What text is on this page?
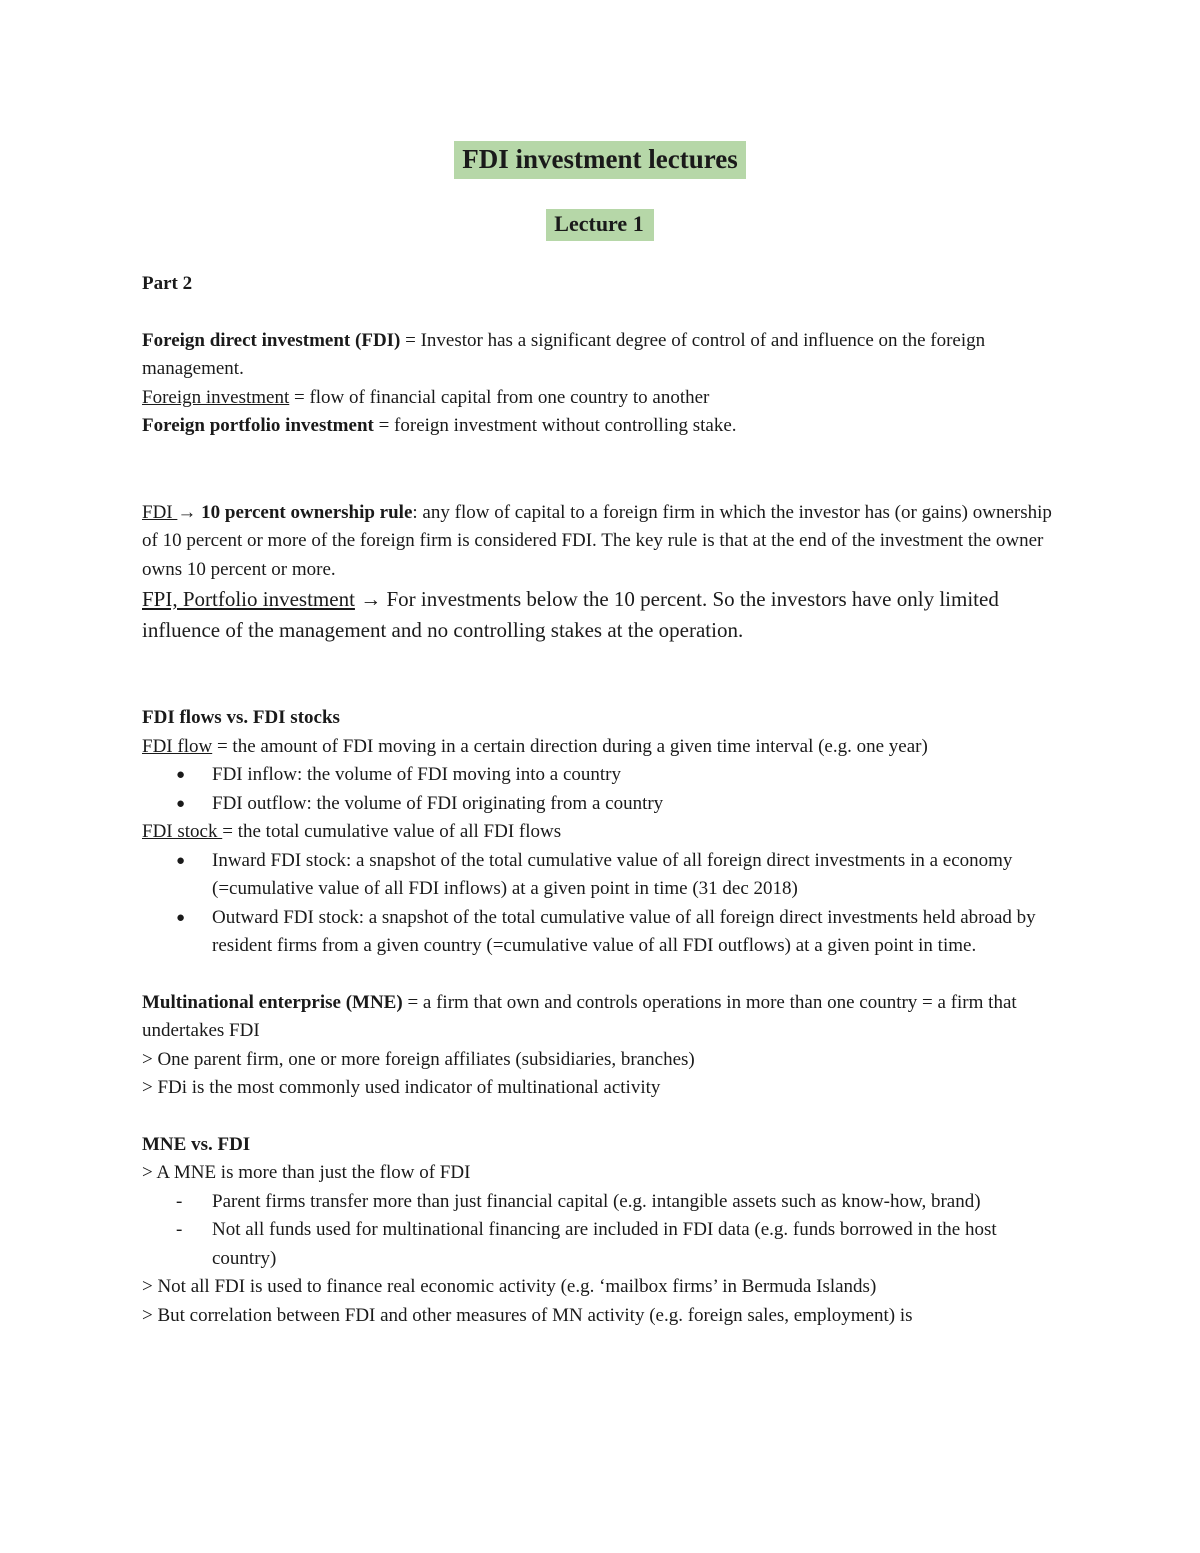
FDI investment lectures
Lecture 1

Part 2

Foreign direct investment (FDI) = Investor has a significant degree of control of and influence on the foreign management.

Foreign investment = flow of financial capital from one country to another

Foreign portfolio investment = foreign investment without controlling stake.

FDI → 10 percent ownership rule: any flow of capital to a foreign firm in which the investor has (or gains) ownership of 10 percent or more of the foreign firm is considered FDI. The key rule is that at the end of the investment the owner owns 10 percent or more.

FPI, Portfolio investment → For investments below the 10 percent. So the investors have only limited influence of the management and no controlling stakes at the operation.

FDI flows vs. FDI stocks

FDI flow = the amount of FDI moving in a certain direction during a given time interval (e.g. one year)

● FDI inflow: the volume of FDI moving into a country
● FDI outflow: the volume of FDI originating from a country

FDI stock = the total cumulative value of all FDI flows

● Inward FDI stock: a snapshot of the total cumulative value of all foreign direct investments in a economy (=cumulative value of all FDI inflows) at a given point in time (31 dec 2018)
● Outward FDI stock: a snapshot of the total cumulative value of all foreign direct investments held abroad by resident firms from a given country (=cumulative value of all FDI outflows) at a given point in time.

Multinational enterprise (MNE) = a firm that own and controls operations in more than one country = a firm that undertakes FDI

> One parent firm, one or more foreign affiliates (subsidiaries, branches)

> FDi is the most commonly used indicator of multinational activity

MNE vs. FDI

> A MNE is more than just the flow of FDI

- Parent firms transfer more than just financial capital (e.g. intangible assets such as know-how, brand)
- Not all funds used for multinational financing are included in FDI data (e.g. funds borrowed in the host country)

> Not all FDI is used to finance real economic activity (e.g. ‘mailbox firms’ in Bermuda Islands)

> But correlation between FDI and other measures of MN activity (e.g. foreign sales, employment) is
